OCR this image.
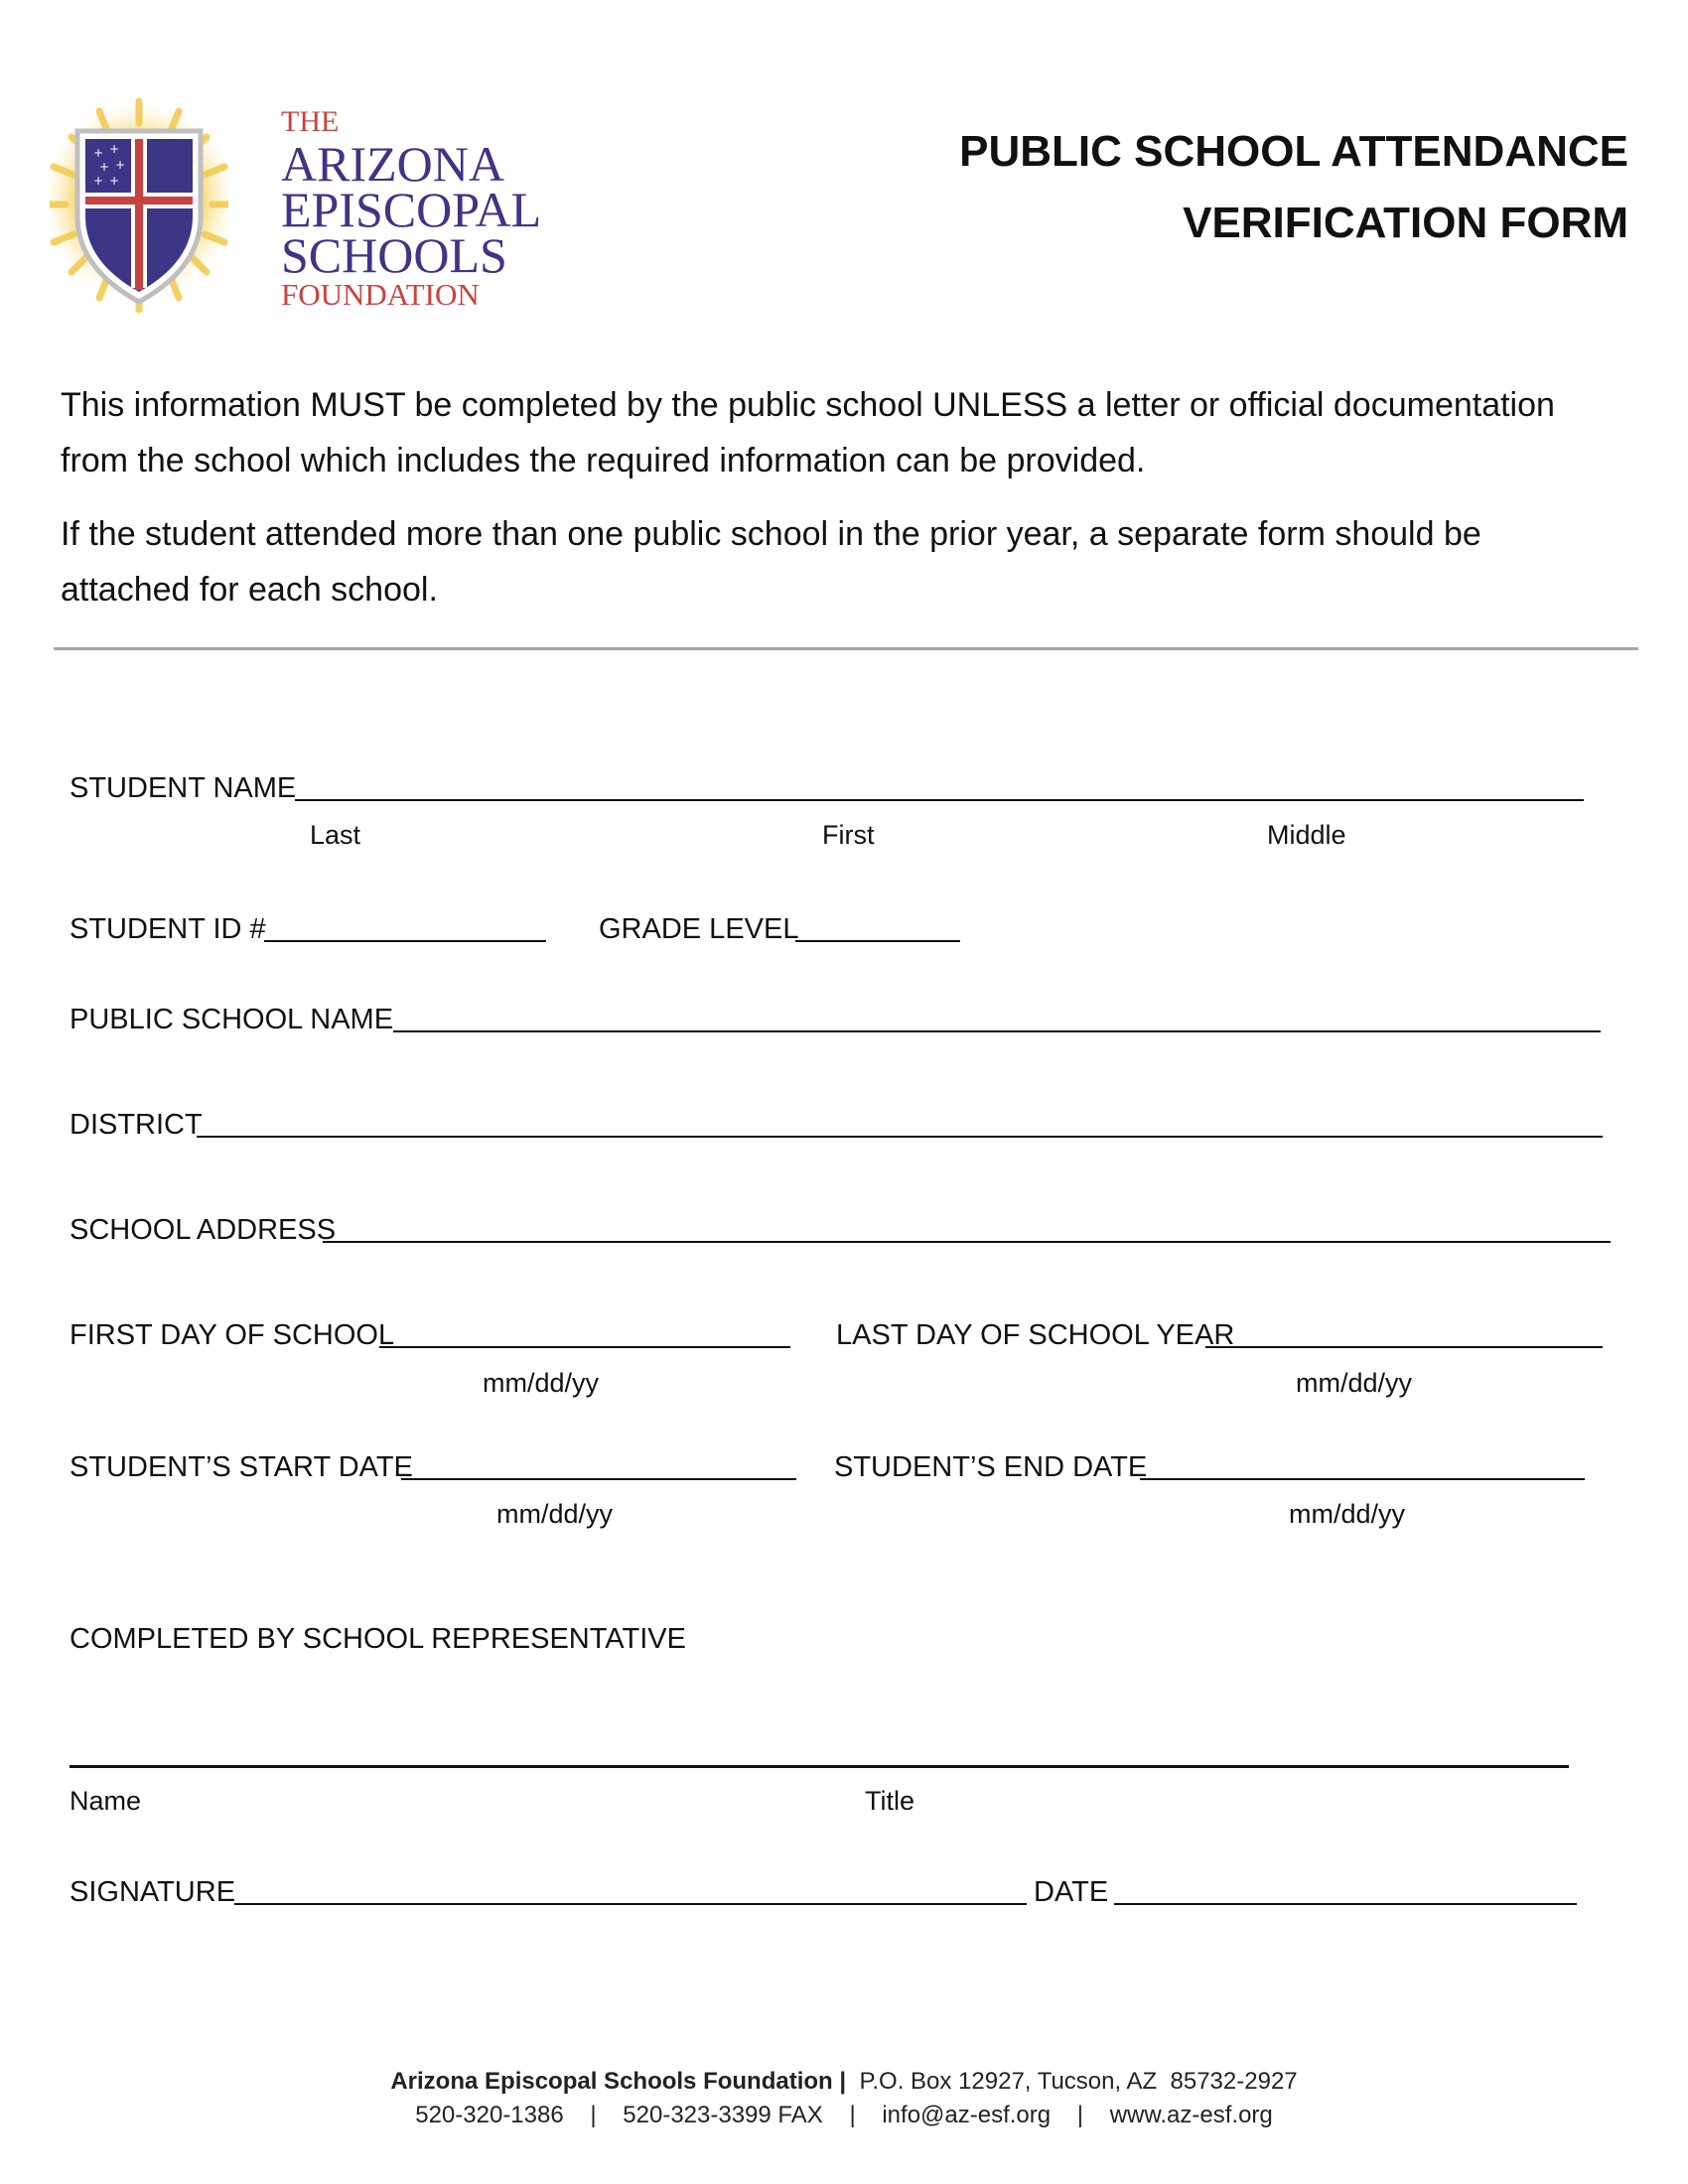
+ +
+ +
+ +
THE
ARIZONA
EPISCOPAL
SCHOOLS
FOUNDATION
PUBLIC SCHOOL ATTENDANCE
VERIFICATION FORM
This information MUST be completed by the public school UNLESS a letter or official documentation
from the school which includes the required information can be provided.
If the student attended more than one public school in the prior year, a separate form should be
attached for each school.
STUDENT NAME
Last	First	Middle
STUDENT ID #	GRADE LEVEL
PUBLIC SCHOOL NAME
DISTRICT
SCHOOL ADDRESS
FIRST DAY OF SCHOOL
mm/dd/yy
LAST DAY OF SCHOOL YEAR
mm/dd/yy
STUDENT’S START DATE
mm/dd/yy
STUDENT’S END DATE
mm/dd/yy
COMPLETED BY SCHOOL REPRESENTATIVE
Name	Title
SIGNATURE	DATE
Arizona Episcopal Schools Foundation | P.O. Box 12927, Tucson, AZ  85732-2927
520-320-1386 | 520-323-3399 FAX | info@az-esf.org | www.az-esf.org
